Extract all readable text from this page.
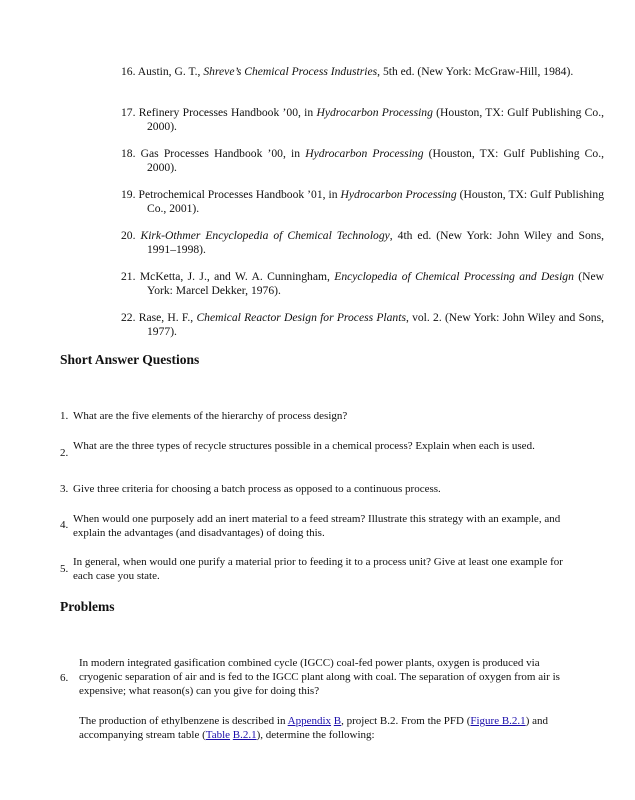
16. Austin, G. T., Shreve’s Chemical Process Industries, 5th ed. (New York: McGraw-Hill, 1984).
17. Refinery Processes Handbook ’00, in Hydrocarbon Processing (Houston, TX: Gulf Publishing Co., 2000).
18. Gas Processes Handbook ’00, in Hydrocarbon Processing (Houston, TX: Gulf Publishing Co., 2000).
19. Petrochemical Processes Handbook ’01, in Hydrocarbon Processing (Houston, TX: Gulf Publishing Co., 2001).
20. Kirk-Othmer Encyclopedia of Chemical Technology, 4th ed. (New York: John Wiley and Sons, 1991–1998).
21. McKetta, J. J., and W. A. Cunningham, Encyclopedia of Chemical Processing and Design (New York: Marcel Dekker, 1976).
22. Rase, H. F., Chemical Reactor Design for Process Plants, vol. 2. (New York: John Wiley and Sons, 1977).
Short Answer Questions
1. What are the five elements of the hierarchy of process design?
2.
What are the three types of recycle structures possible in a chemical process? Explain when each is used.
3. Give three criteria for choosing a batch process as opposed to a continuous process.
4. When would one purposely add an inert material to a feed stream? Illustrate this strategy with an example, and explain the advantages (and disadvantages) of doing this.
5.
In general, when would one purify a material prior to feeding it to a process unit? Give at least one example for each case you state.
Problems
6.
In modern integrated gasification combined cycle (IGCC) coal-fed power plants, oxygen is produced via cryogenic separation of air and is fed to the IGCC plant along with coal. The separation of oxygen from air is expensive; what reason(s) can you give for doing this?
The production of ethylbenzene is described in Appendix B, project B.2. From the PFD (Figure B.2.1) and accompanying stream table (Table B.2.1), determine the following:
